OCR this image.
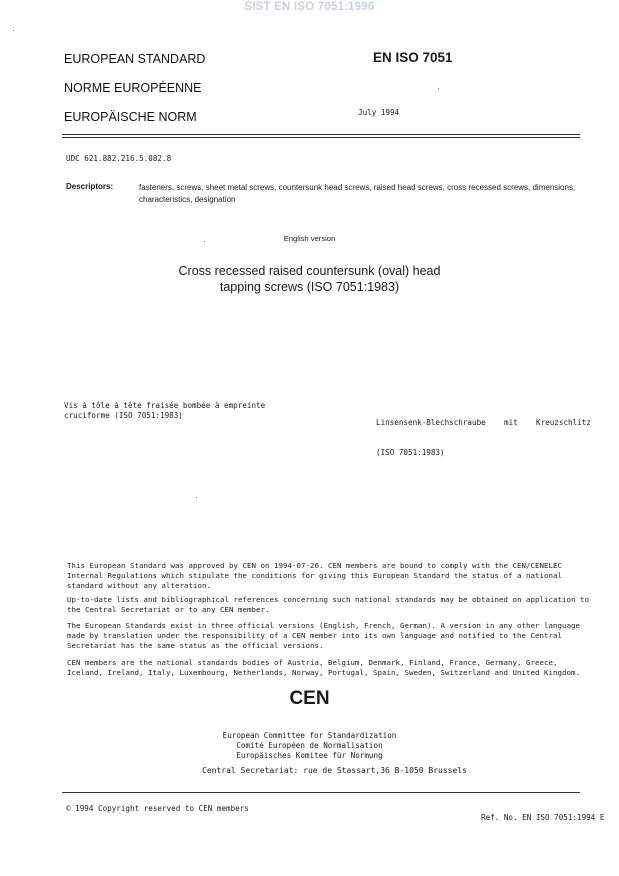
SIST EN ISO 7051:1996
EUROPEAN STANDARD
NORME EUROPÉENNE
EUROPÄISCHE NORM
EN ISO 7051
July 1994
UDC 621.882.216.5.082.8
Descriptors:	fasteners, screws, sheet metal screws, countersunk head screws, raised head screws, cross recessed screws, dimensions, characteristics, designation
English version
Cross recessed raised countersunk (oval) head
tapping screws (ISO 7051:1983)
Vis à tôle à tête fraisée bombée à empreinte
cruciforme (ISO 7051:1983)

Linsensenk-Blechschraube    mit    Kreuzschlitz

(ISO 7051:1983)

This European Standard was approved by CEN on 1994-07-26. CEN members are bound to comply with the CEN/CENELEC Internal Regulations which stipulate the conditions for giving this European Standard the status of a national standard without any alteration.
Up-to-date lists and bibliographical references concerning such national standards may be obtained on application to the Central Secretariat or to any CEN member.
The European Standards exist in three official versions (English, French, German). A version in any other language made by translation under the responsibility of a CEN member into its own language and notified to the Central Secretariat has the same status as the official versions.
CEN members are the national standards bodies of Austria, Belgium, Denmark, Finland, France, Germany, Greece, Iceland, Ireland, Italy, Luxembourg, Netherlands, Norway, Portugal, Spain, Sweden, Switzerland and United Kingdom.
CEN
European Committee for Standardization
Comité Européen de Normalisation
Europäisches Komitee für Normung
Central Secretariat: rue de Stassart,36 B-1050 Brussels
© 1994 Copyright reserved to CEN members
Ref. No. EN ISO 7051:1994 E
